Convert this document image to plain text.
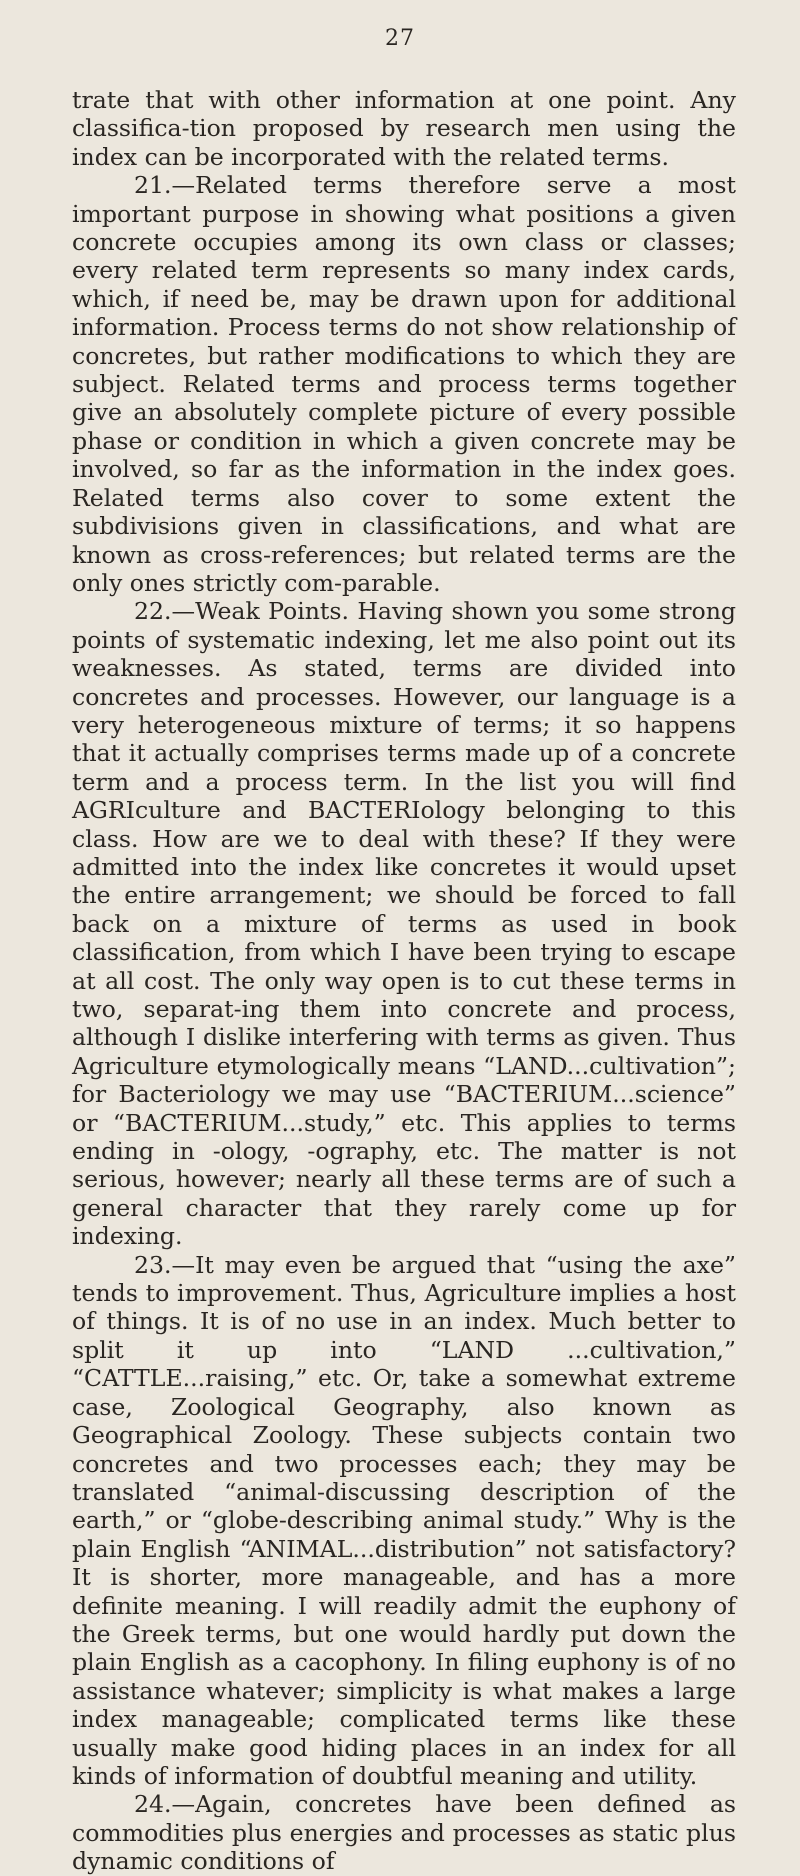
27

trate that with other information at one point. Any classifica-tion proposed by research men using the index can be incorporated with the related terms.

21.—Related terms therefore serve a most important purpose in showing what positions a given concrete occupies among its own class or classes; every related term represents so many index cards, which, if need be, may be drawn upon for additional information. Process terms do not show relationship of concretes, but rather modifications to which they are subject. Related terms and process terms together give an absolutely complete picture of every possible phase or condition in which a given concrete may be involved, so far as the information in the index goes. Related terms also cover to some extent the subdivisions given in classifications, and what are known as cross-references; but related terms are the only ones strictly com-parable.

22.—Weak Points. Having shown you some strong points of systematic indexing, let me also point out its weaknesses. As stated, terms are divided into concretes and processes. However, our language is a very heterogeneous mixture of terms; it so happens that it actually comprises terms made up of a concrete term and a process term. In the list you will find AGRIculture and BACTERIology belonging to this class. How are we to deal with these? If they were admitted into the index like concretes it would upset the entire arrangement; we should be forced to fall back on a mixture of terms as used in book classification, from which I have been trying to escape at all cost. The only way open is to cut these terms in two, separat-ing them into concrete and process, although I dislike interfering with terms as given. Thus Agriculture etymologically means “LAND...cultivation”; for Bacteriology we may use “BACTERIUM...science” or “BACTERIUM...study,” etc. This applies to terms ending in -ology, -ography, etc. The matter is not serious, however; nearly all these terms are of such a general character that they rarely come up for indexing.

23.—It may even be argued that “using the axe” tends to improvement. Thus, Agriculture implies a host of things. It is of no use in an index. Much better to split it up into “LAND ...cultivation,” “CATTLE...raising,” etc. Or, take a somewhat extreme case, Zoological Geography, also known as Geographical Zoology. These subjects contain two concretes and two processes each; they may be translated “animal-discussing description of the earth,” or “globe-describing animal study.” Why is the plain English “ANIMAL...distribution” not satisfactory? It is shorter, more manageable, and has a more definite meaning. I will readily admit the euphony of the Greek terms, but one would hardly put down the plain English as a cacophony. In filing euphony is of no assistance whatever; simplicity is what makes a large index manageable; complicated terms like these usually make good hiding places in an index for all kinds of information of doubtful meaning and utility.

24.—Again, concretes have been defined as commodities plus energies and processes as static plus dynamic conditions of
